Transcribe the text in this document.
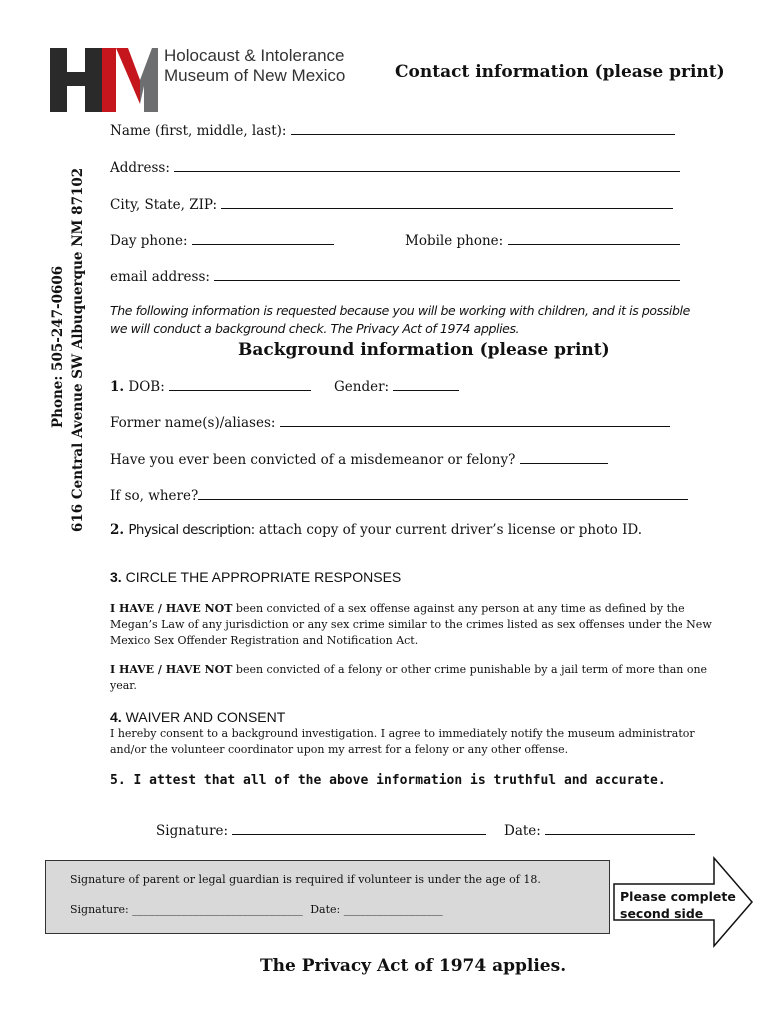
Holocaust & Intolerance
Museum of New Mexico	Contact information (please print)
Phone: 505-247-0606 616 Central Avenue SW Albuquerque NM 87102
Name (first, middle, last):
Address:
City, State, ZIP:
Day phone:	Mobile phone:
email address:
The following information is requested because you will be working with children, and it is possible we will conduct a background check. The Privacy Act of 1974 applies.
Background information (please print)
1. DOB:	Gender:
Former name(s)/aliases:
Have you ever been convicted of a misdemeanor or felony?
If so, where?
2. Physical description: attach copy of your current driver’s license or photo ID.
3. CIRCLE THE APPROPRIATE RESPONSES
I HAVE / HAVE NOT been convicted of a sex offense against any person at any time as defined by the Megan’s Law of any jurisdiction or any sex crime similar to the crimes listed as sex offenses under the New Mexico Sex Offender Registration and Notification Act.
I HAVE / HAVE NOT been convicted of a felony or other crime punishable by a jail term of more than one year.
4. WAIVER AND CONSENT
I hereby consent to a background investigation. I agree to immediately notify the museum administrator and/or the volunteer coordinator upon my arrest for a felony or any other offense.
5. I attest that all of the above information is truthful and accurate.
Signature:	Date:
Signature of parent or legal guardian is required if volunteer is under the age of 18.
Signature: _______________________________ Date: __________________
Please complete
second side
The Privacy Act of 1974 applies.
